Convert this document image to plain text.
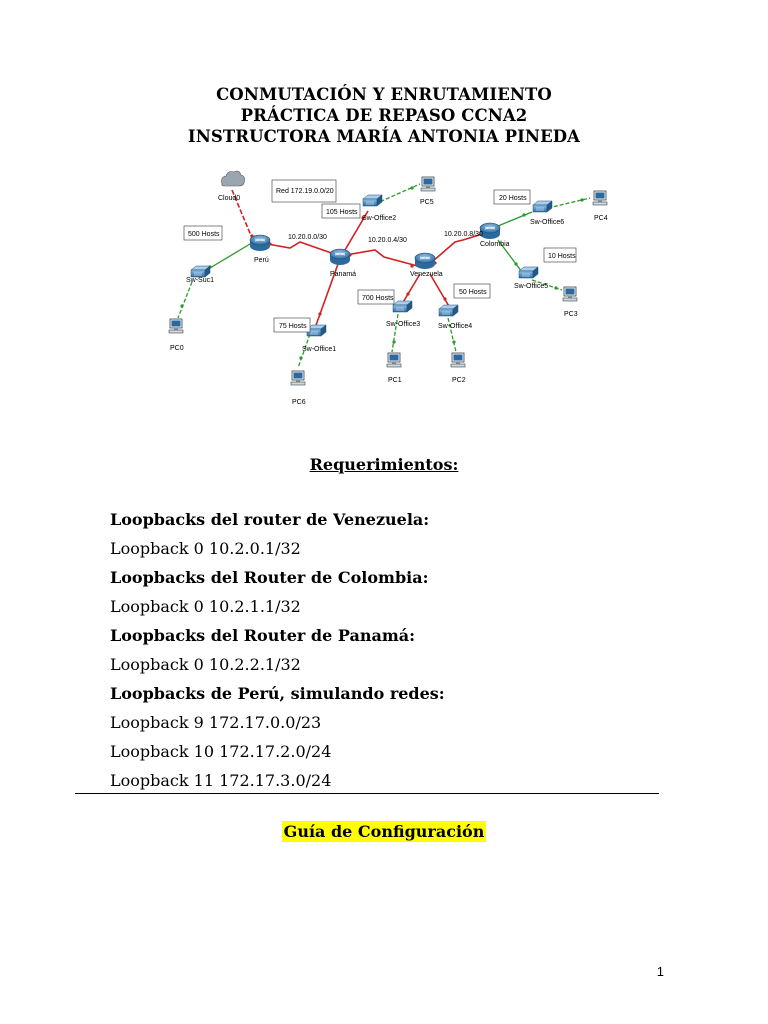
CONMUTACIÓN Y ENRUTAMIENTO
PRÁCTICA DE REPASO CCNA2
INSTRUCTORA MARÍA ANTONIA PINEDA
Cloud0
Perú
Panamá	Venezuela
Colombia
Sw-Suc1
Sw-Office1
Sw-Office2
Sw-Office3	Sw-Office4
Sw-Office5
Sw-Office6
PC0
PC1	PC2
PC3
PC4
PC5
PC6
Red 172.19.0.0/20
500 Hosts
105 Hosts
20 Hosts
10 Hosts
700 Hosts
50 Hosts
75 Hosts
10.20.0.0/30	10.20.0.4/30
10.20.0.8/30
Requerimientos:
Loopbacks del router de Venezuela:
Loopback 0 10.2.0.1/32
Loopbacks del Router de Colombia:
Loopback 0 10.2.1.1/32
Loopbacks del Router de Panamá:
Loopback 0 10.2.2.1/32
Loopbacks de Perú, simulando redes:
Loopback 9 172.17.0.0/23
Loopback 10 172.17.2.0/24
Loopback 11 172.17.3.0/24
Guía de Configuración
1
